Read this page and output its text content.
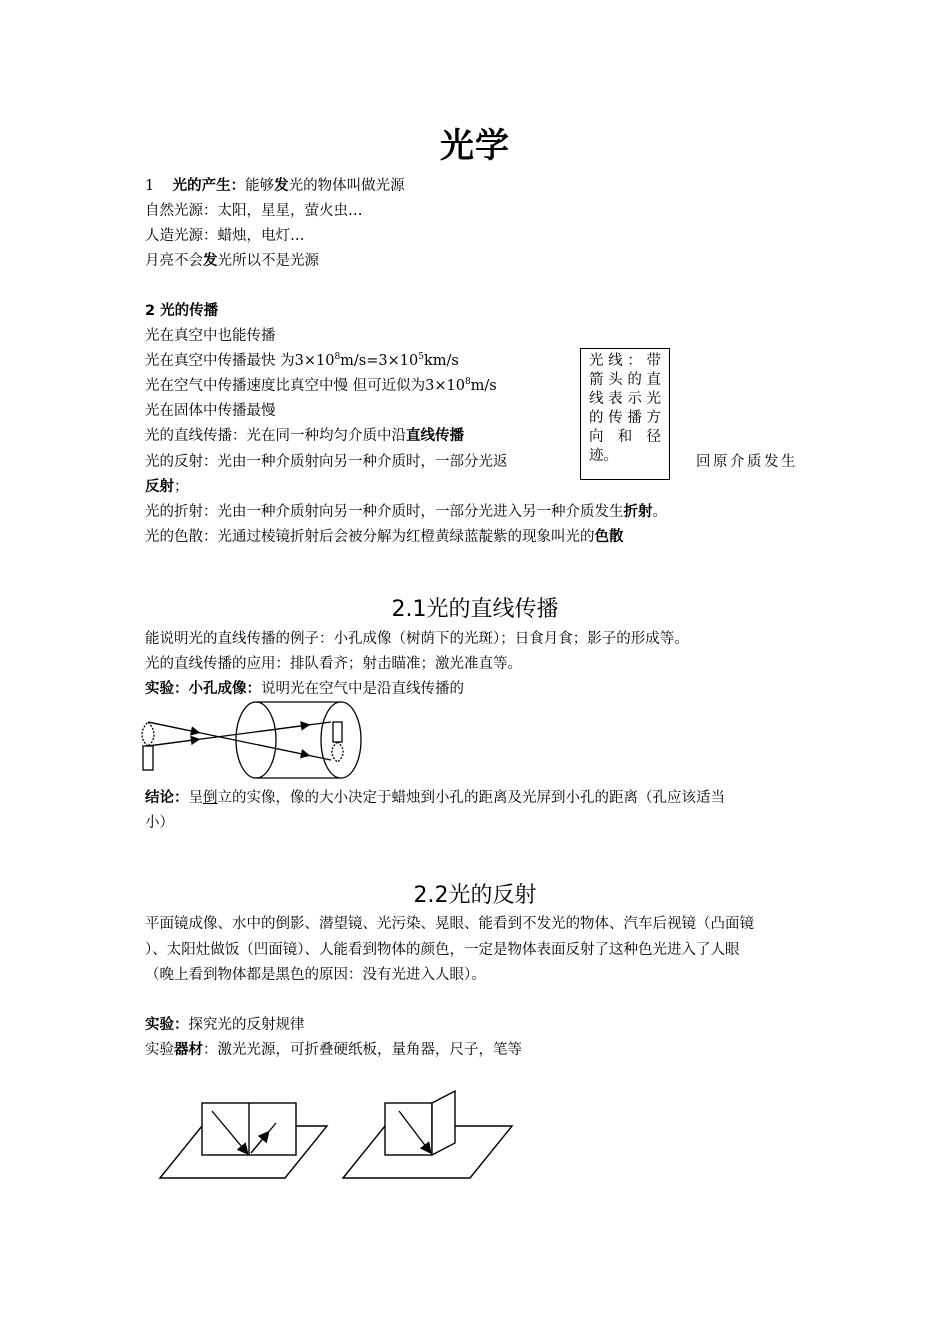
光学
1 光的产生：能够发光的物体叫做光源
自然光源：太阳，星星，萤火虫…
人造光源：蜡烛，电灯…
月亮不会发光所以不是光源
2 光的传播
光在真空中也能传播
光在真空中传播最快 为$3\times 10^8m/s=3\times 10^5km/s$
光在空气中传播速度比真空中慢 但可近似为$3\times 10^8m/s$
光在固体中传播最慢
光的直线传播：光在同一种均匀介质中沿直线传播
光的反射：光由一种介质射向另一种介质时，一部分光返	回原介质发生
反射；
光的折射：光由一种介质射向另一种介质时，一部分光进入另一种介质发生折射。
光的色散：光通过棱镜折射后会被分解为红橙黄绿蓝靛紫的现象叫光的色散
光线：带
箭头的直
线表示光
的传播方
向和径迹。
2.1光的直线传播
能说明光的直线传播的例子：小孔成像（树荫下的光斑）；日食月食；影子的形成等。
光的直线传播的应用：排队看齐；射击瞄准；激光准直等。
实验：小孔成像：说明光在空气中是沿直线传播的
结论：呈倒立的实像，像的大小决定于蜡烛到小孔的距离及光屏到小孔的距离（孔应该适当
小）
2.2光的反射
平面镜成像、水中的倒影、潜望镜、光污染、晃眼、能看到不发光的物体、汽车后视镜（凸面镜
）、太阳灶做饭（凹面镜）、人能看到物体的颜色，一定是物体表面反射了这种色光进入了人眼
（晚上看到物体都是黑色的原因：没有光进入人眼）。
实验：探究光的反射规律
实验器材：激光光源，可折叠硬纸板，量角器，尺子，笔等
